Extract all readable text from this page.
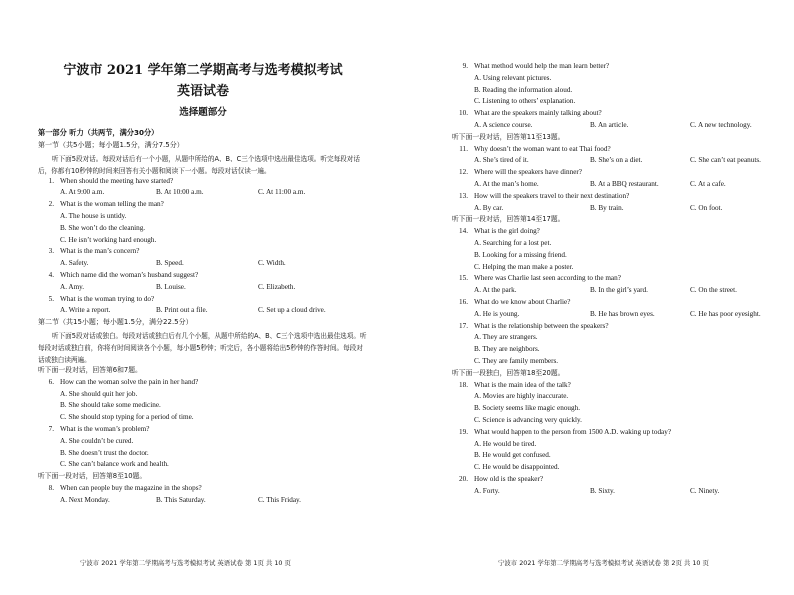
宁波市 2021 学年第二学期高考与选考模拟考试
英语试卷
选择题部分
第一部分 听力（共两节，满分30分）
第一节（共5小题；每小题1.5分，满分7.5分）
听下面5段对话。每段对话后有一个小题，从题中所给的A、B、C三个选项中选出最佳选项。听完每段对话后，你都有10秒钟的时间来回答有关小题和阅读下一小题。每段对话仅读一遍。
1. When should the meeting have started?
A. At 9:00 a.m.	B. At 10:00 a.m.	C. At 11:00 a.m.
2. What is the woman telling the man?
A. The house is untidy.
B. She won’t do the cleaning.
C. He isn’t working hard enough.
3. What is the man’s concern?
A. Safety.	B. Speed.	C. Width.
4. Which name did the woman’s husband suggest?
A. Amy.	B. Louise.	C. Elizabeth.
5. What is the woman trying to do?
A. Write a report.	B. Print out a file.	C. Set up a cloud drive.
第二节（共15小题；每小题1.5分，满分22.5分）
听下面5段对话或独白。每段对话或独白后有几个小题，从题中所给的A、B、C三个选项中选出最佳选项。听每段对话或独白前，你将有时间阅读各个小题，每小题5秒钟；听完后，各小题将给出5秒钟的作答时间。每段对话或独白读两遍。
听下面一段对话，回答第6和7题。
6. How can the woman solve the pain in her hand?
A. She should quit her job.
B. She should take some medicine.
C. She should stop typing for a period of time.
7. What is the woman’s problem?
A. She couldn’t be cured.
B. She doesn’t trust the doctor.
C. She can’t balance work and health.
听下面一段对话，回答第8至10题。
8. When can people buy the magazine in the shops?
A. Next Monday.	B. This Saturday.	C. This Friday.
9. What method would help the man learn better?
A. Using relevant pictures.
B. Reading the information aloud.
C. Listening to others’ explanation.
10. What are the speakers mainly talking about?
A. A science course.	B. An article.	C. A new technology.
听下面一段对话，回答第11至13题。
11. Why doesn’t the woman want to eat Thai food?
A. She’s tired of it.	B. She’s on a diet.	C. She can’t eat peanuts.
12. Where will the speakers have dinner?
A. At the man’s home.	B. At a BBQ restaurant.	C. At a cafe.
13. How will the speakers travel to their next destination?
A. By car.	B. By train.	C. On foot.
听下面一段对话，回答第14至17题。
14. What is the girl doing?
A. Searching for a lost pet.
B. Looking for a missing friend.
C. Helping the man make a poster.
15. Where was Charlie last seen according to the man?
A. At the park.	B. In the girl’s yard.	C. On the street.
16. What do we know about Charlie?
A. He is young.	B. He has brown eyes.	C. He has poor eyesight.
17. What is the relationship between the speakers?
A. They are strangers.
B. They are neighbors.
C. They are family members.
听下面一段独白，回答第18至20题。
18. What is the main idea of the talk?
A. Movies are highly inaccurate.
B. Society seems like magic enough.
C. Science is advancing very quickly.
19. What would happen to the person from 1500 A.D. waking up today?
A. He would be tired.
B. He would get confused.
C. He would be disappointed.
20. How old is the speaker?
A. Forty.	B. Sixty.	C. Ninety.
宁波市 2021 学年第二学期高考与选考模拟考试 英语试卷 第 1页 共 10 页	宁波市 2021 学年第二学期高考与选考模拟考试 英语试卷 第 2页 共 10 页
